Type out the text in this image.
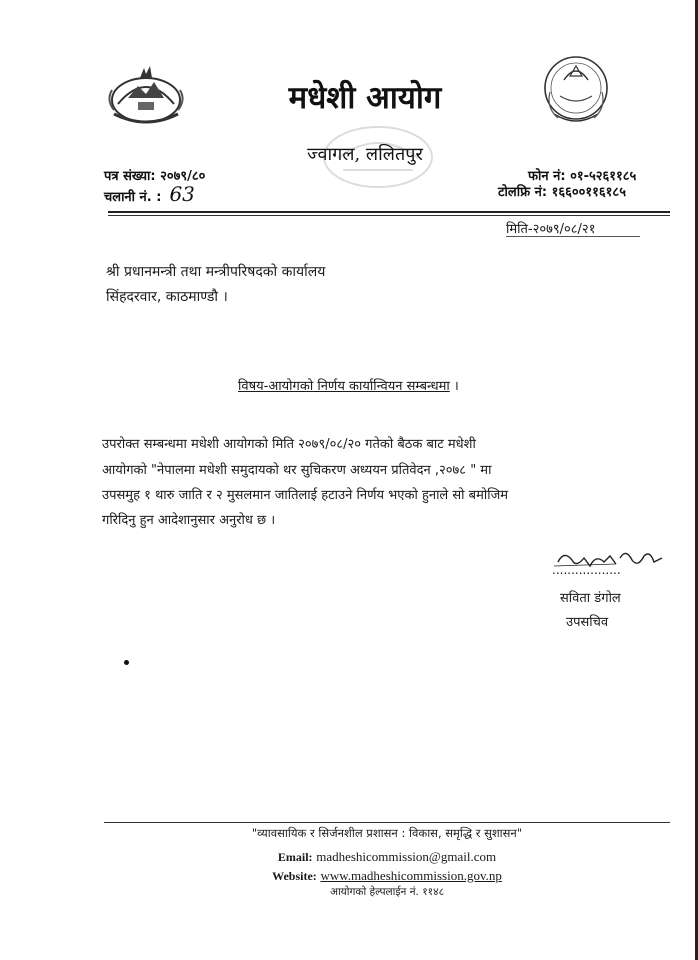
मधेशी आयोग
ज्वागल, ललितपुर
पत्र संख्या: २०७९/८०
चलानी नं. : 63
फोन नं: ०१-५२६११८५
टोलफ्रि नं: १६६००११६१८५
मिति-२०७९/०८/२१
श्री प्रधानमन्त्री तथा मन्त्रीपरिषदको कार्यालय
सिंहदरवार, काठमाण्डौ ।
विषय-आयोगको निर्णय कार्यान्वियन सम्बन्धमा ।
उपरोक्त सम्बन्धमा मधेशी आयोगको मिति २०७९/०८/२० गतेको बैठक बाट मधेशी
आयोगको "नेपालमा मधेशी समुदायको थर सुचिकरण अध्ययन प्रतिवेदन ,२०७८ " मा
उपसमुह १ थारु जाति र २ मुसलमान जातिलाई हटाउने निर्णय भएको हुनाले सो बमोजिम
गरिदिनु हुन आदेशानुसार अनुरोध छ ।
..................
सविता डंगोल
उपसचिव
"व्यावसायिक र सिर्जनशील प्रशासन : विकास, समृद्धि र सुशासन"
Email: madheshicommission@gmail.com
Website: www.madheshicommission.gov.np
आयोगको हेल्पलाईन नं. ११४८
